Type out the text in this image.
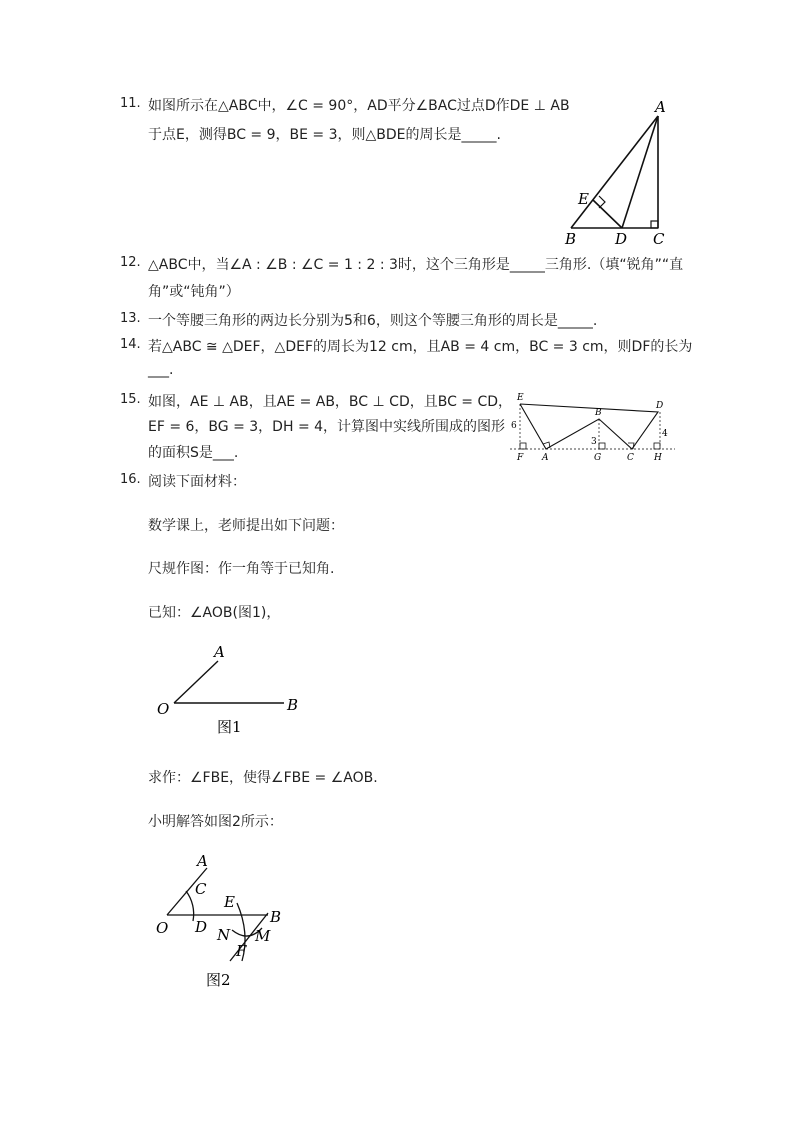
11. 如图所示在△ABC中，∠C = 90°，AD平分∠BAC过点D作DE ⊥ AB
于点E，测得BC = 9，BE = 3，则△BDE的周长是_____.
A
B	C
D
E
12. △ABC中，当∠A : ∠B : ∠C = 1 : 2 : 3时，这个三角形是_____三角形.（填“锐角”“直
角”或“钝角”）
13. 一个等腰三角形的两边长分别为5和6，则这个等腰三角形的周长是_____.
14. 若△ABC ≅ △DEF，△DEF的周长为12 cm，且AB = 4 cm，BC = 3 cm，则DF的长为
___.
15. 如图，AE ⊥ AB，且AE = AB，BC ⊥ CD，且BC = CD，
EF = 6，BG = 3，DH = 4，计算图中实线所围成的图形
的面积S是___.
E
D
B
F A	G	C H
6
3
4
16. 阅读下面材料：
数学课上，老师提出如下问题：
尺规作图：作一角等于已知角.
已知：∠AOB(图1)，
求作：∠FBE，使得∠FBE = ∠AOB.
小明解答如图2所示：
A
O	B
图1
A
C
E
B
O D N M
F
图2
